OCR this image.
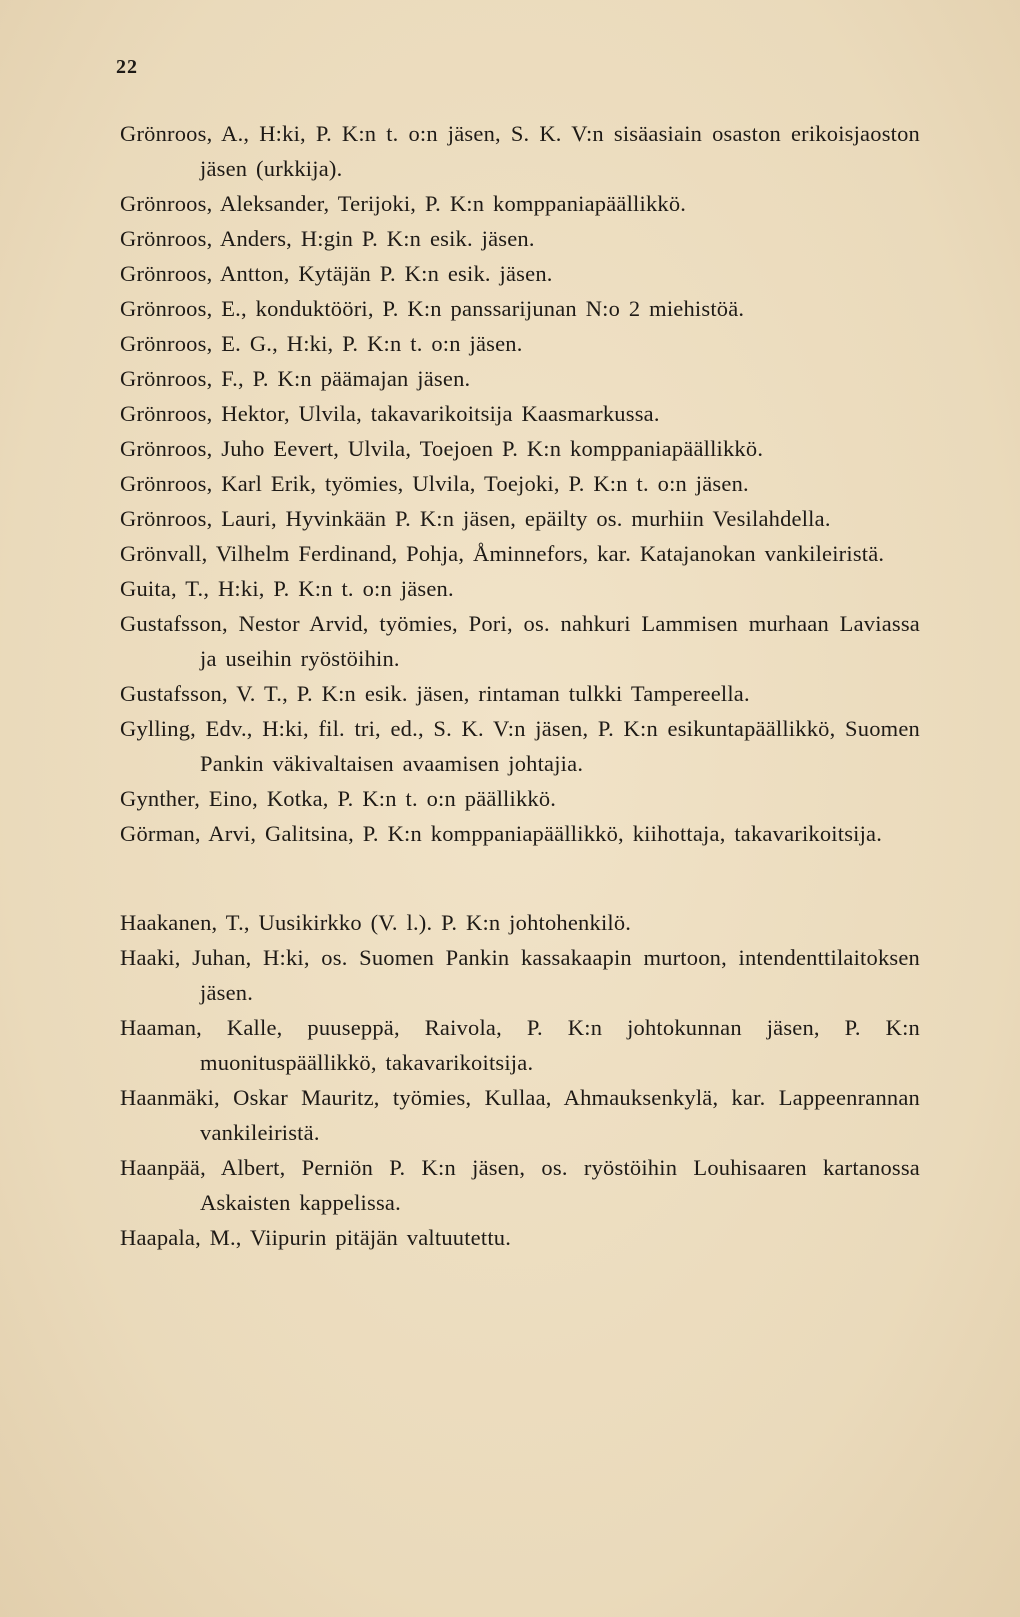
22

Grönroos, A., H:ki, P. K:n t. o:n jäsen, S. K. V:n sisäasiain osaston erikoisjaoston jäsen (urkkija).

Grönroos, Aleksander, Terijoki, P. K:n komppaniapäällikkö.

Grönroos, Anders, H:gin P. K:n esik. jäsen.

Grönroos, Antton, Kytäjän P. K:n esik. jäsen.

Grönroos, E., konduktööri, P. K:n panssarijunan N:o 2 miehistöä.

Grönroos, E. G., H:ki, P. K:n t. o:n jäsen.

Grönroos, F., P. K:n päämajan jäsen.

Grönroos, Hektor, Ulvila, takavarikoitsija Kaasmarkussa.

Grönroos, Juho Eevert, Ulvila, Toejoen P. K:n komppaniapäällikkö.

Grönroos, Karl Erik, työmies, Ulvila, Toejoki, P. K:n t. o:n jäsen.

Grönroos, Lauri, Hyvinkään P. K:n jäsen, epäilty os. murhiin Vesilahdella.

Grönvall, Vilhelm Ferdinand, Pohja, Åminnefors, kar. Katajanokan vankileiristä.

Guita, T., H:ki, P. K:n t. o:n jäsen.

Gustafsson, Nestor Arvid, työmies, Pori, os. nahkuri Lammisen murhaan Laviassa ja useihin ryöstöihin.

Gustafsson, V. T., P. K:n esik. jäsen, rintaman tulkki Tampereella.

Gylling, Edv., H:ki, fil. tri, ed., S. K. V:n jäsen, P. K:n esikuntapäällikkö, Suomen Pankin väkivaltaisen avaamisen johtajia.

Gynther, Eino, Kotka, P. K:n t. o:n päällikkö.

Görman, Arvi, Galitsina, P. K:n komppaniapäällikkö, kiihottaja, takavarikoitsija.

Haakanen, T., Uusikirkko (V. l.). P. K:n johtohenkilö.

Haaki, Juhan, H:ki, os. Suomen Pankin kassakaapin murtoon, intendenttilaitoksen jäsen.

Haaman, Kalle, puuseppä, Raivola, P. K:n johtokunnan jäsen, P. K:n muonituspäällikkö, takavarikoitsija.

Haanmäki, Oskar Mauritz, työmies, Kullaa, Ahmauksenkylä, kar. Lappeenrannan vankileiristä.

Haanpää, Albert, Perniön P. K:n jäsen, os. ryöstöihin Louhisaaren kartanossa Askaisten kappelissa.

Haapala, M., Viipurin pitäjän valtuutettu.
